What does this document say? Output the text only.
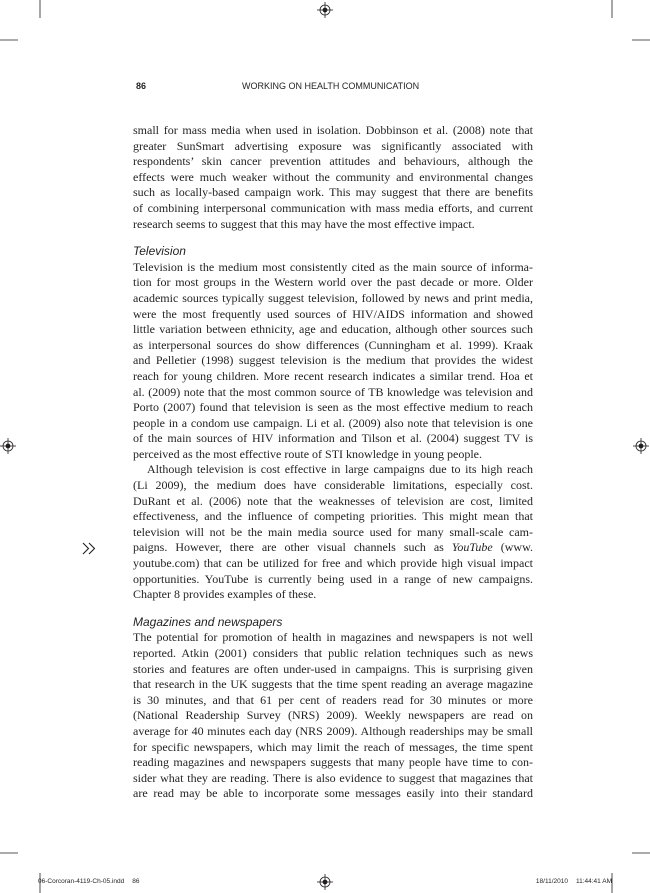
86	WORKING ON HEALTH COMMUNICATION
small for mass media when used in isolation. Dobbinson et al. (2008) note that
greater SunSmart advertising exposure was significantly associated with
respondents’ skin cancer prevention attitudes and behaviours, although the
effects were much weaker without the community and environmental changes
such as locally-based campaign work. This may suggest that there are benefits
of combining interpersonal communication with mass media efforts, and current
research seems to suggest that this may have the most effective impact.
Television
Television is the medium most consistently cited as the main source of informa-
tion for most groups in the Western world over the past decade or more. Older
academic sources typically suggest television, followed by news and print media,
were the most frequently used sources of HIV/AIDS information and showed
little variation between ethnicity, age and education, although other sources such
as interpersonal sources do show differences (Cunningham et al. 1999). Kraak
and Pelletier (1998) suggest television is the medium that provides the widest
reach for young children. More recent research indicates a similar trend. Hoa et
al. (2009) note that the most common source of TB knowledge was television and
Porto (2007) found that television is seen as the most effective medium to reach
people in a condom use campaign. Li et al. (2009) also note that television is one
of the main sources of HIV information and Tilson et al. (2004) suggest TV is
perceived as the most effective route of STI knowledge in young people.
Although television is cost effective in large campaigns due to its high reach
(Li 2009), the medium does have considerable limitations, especially cost.
DuRant et al. (2006) note that the weaknesses of television are cost, limited
effectiveness, and the influence of competing priorities. This might mean that
television will not be the main media source used for many small-scale cam-
paigns. However, there are other visual channels such as YouTube (www.
youtube.com) that can be utilized for free and which provide high visual impact
opportunities. YouTube is currently being used in a range of new campaigns.
Chapter 8 provides examples of these.
Magazines and newspapers
The potential for promotion of health in magazines and newspapers is not well
reported. Atkin (2001) considers that public relation techniques such as news
stories and features are often under-used in campaigns. This is surprising given
that research in the UK suggests that the time spent reading an average magazine
is 30 minutes, and that 61 per cent of readers read for 30 minutes or more
(National Readership Survey (NRS) 2009). Weekly newspapers are read on
average for 40 minutes each day (NRS 2009). Although readerships may be small
for specific newspapers, which may limit the reach of messages, the time spent
reading magazines and newspapers suggests that many people have time to con-
sider what they are reading. There is also evidence to suggest that magazines that
are read may be able to incorporate some messages easily into their standard
06-Corcoran-4119-Ch-05.indd 86	18/11/2010 11:44:41 AM
